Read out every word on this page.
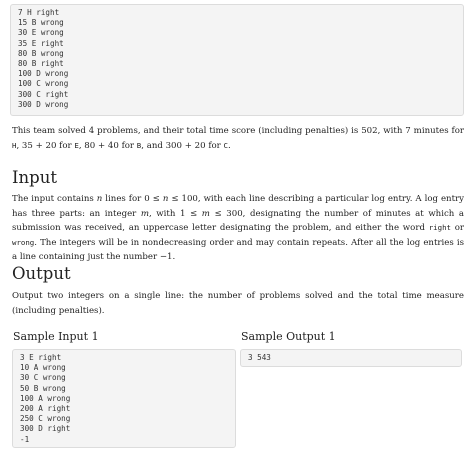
7 H right
15 B wrong
30 E wrong
35 E right
80 B wrong
80 B right
100 D wrong
100 C wrong
300 C right
300 D wrong

This team solved 4 problems, and their total time score (including penalties) is 502, with 7 minutes for H, 35 + 20 for E, 80 + 40 for B, and 300 + 20 for C.

Input

The input contains n lines for 0 ≤ n ≤ 100, with each line describing a particular log entry. A log entry has three parts: an integer m, with 1 ≤ m ≤ 300, designating the number of minutes at which a submission was received, an uppercase letter designating the problem, and either the word right or wrong. The integers will be in nondecreasing order and may contain repeats. After all the log entries is a line containing just the number −1.

Output

Output two integers on a single line: the number of problems solved and the total time measure (including penalties).

Sample Input 1	Sample Output 1
3 E right
10 A wrong
30 C wrong
50 B wrong
100 A wrong
200 A right
250 C wrong
300 D right
-1
3 543
